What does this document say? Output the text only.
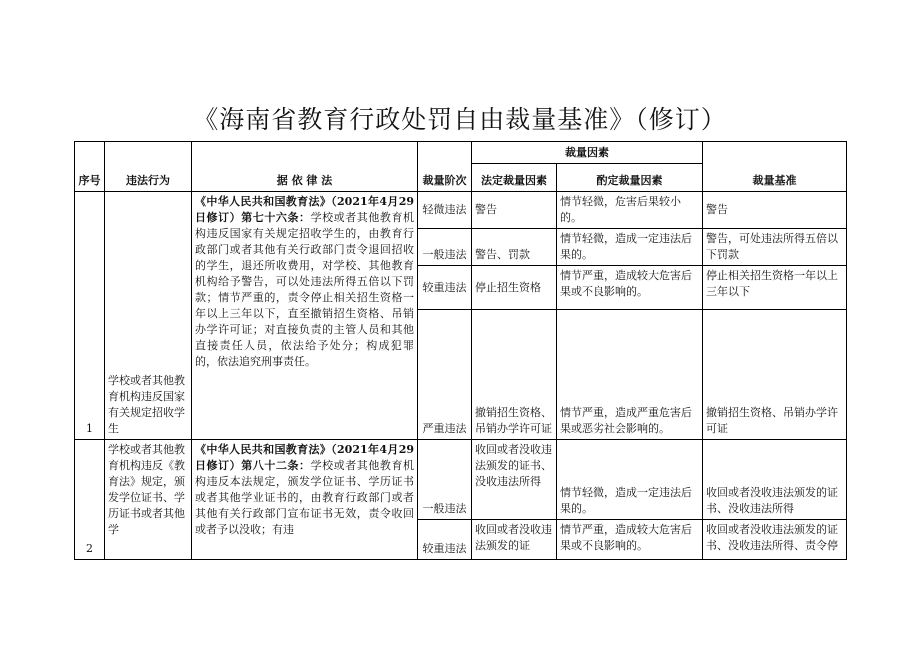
《海南省教育行政处罚自由裁量基准》（修订）
序号	违法行为	据 依 律 法	裁量阶次	裁量因素		裁量基准
				法定裁量因素	酌定裁量因素	
1	学校或者其他教育机构违反国家有关规定招收学生	《中华人民共和国教育法》（2021年4月29日修订）第七十六条：学校或者其他教育机构违反国家有关规定招收学生的，由教育行政部门或者其他有关行政部门责令退回招收的学生，退还所收费用，对学校、其他教育机构给予警告，可以处违法所得五倍以下罚款；情节严重的，责令停止相关招生资格一年以上三年以下，直至撤销招生资格、吊销办学许可证；对直接负责的主管人员和其他直接责任人员，依法给予处分；构成犯罪的，依法追究刑事责任。	轻微违法	警告	情节轻微，危害后果较小的。	警告
			一般违法	警告、罚款	情节轻微，造成一定违法后果的。	警告，可处违法所得五倍以下罚款
			较重违法	停止招生资格	情节严重，造成较大危害后果或不良影响的。	停止相关招生资格一年以上三年以下
			严重违法	撤销招生资格、吊销办学许可证	情节严重，造成严重危害后果或恶劣社会影响的。	撤销招生资格、吊销办学许可证
2	学校或者其他教育机构违反《教育法》规定，颁发学位证书、学历证书或者其他学	《中华人民共和国教育法》（2021年4月29日修订）第八十二条：学校或者其他教育机构违反本法规定，颁发学位证书、学历证书或者其他学业证书的，由教育行政部门或者其他有关行政部门宣布证书无效，责令收回或者予以没收；有违	一般违法	收回或者没收违法颁发的证书、没收违法所得	情节轻微，造成一定违法后果的。	收回或者没收违法颁发的证书、没收违法所得
			较重违法	收回或者没收违法颁发的证	情节严重，造成较大危害后果或不良影响的。	收回或者没收违法颁发的证书、没收违法所得、责令停
